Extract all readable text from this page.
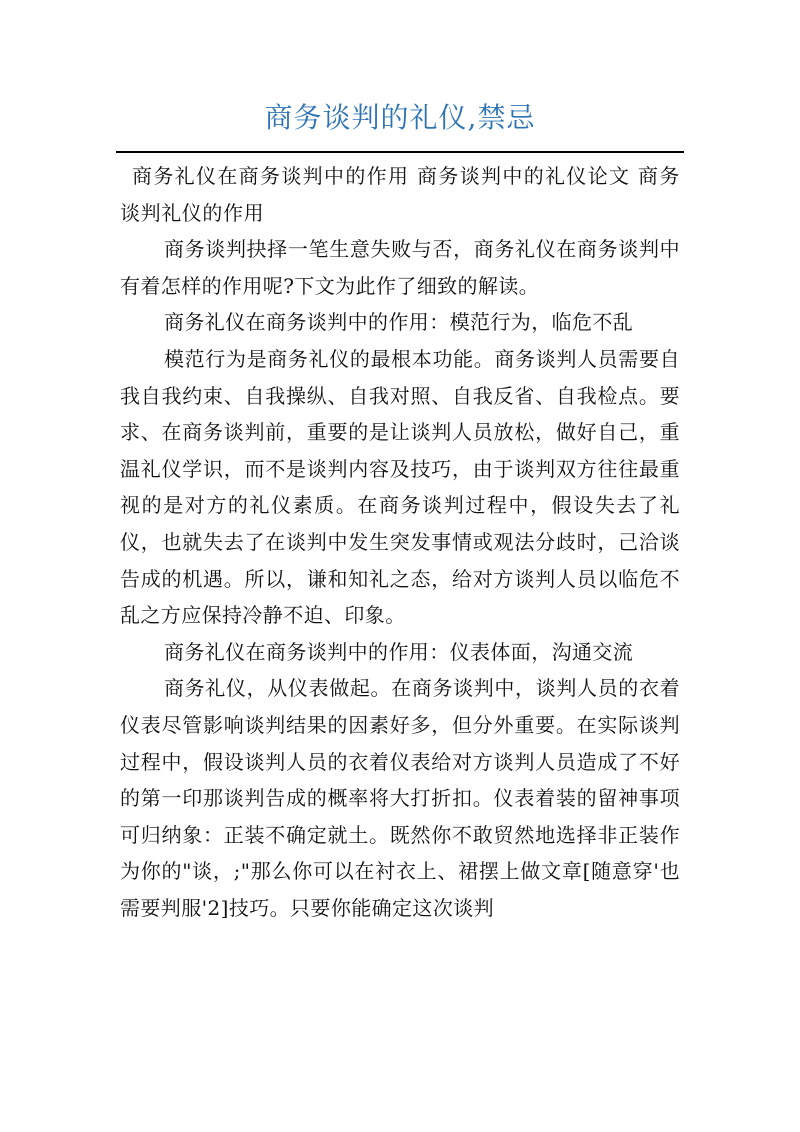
商务谈判的礼仪,禁忌

商务礼仪在商务谈判中的作用 商务谈判中的礼仪论文 商务谈判礼仪的作用

商务谈判抉择一笔生意失败与否，商务礼仪在商务谈判中有着怎样的作用呢?下文为此作了细致的解读。

商务礼仪在商务谈判中的作用：模范行为，临危不乱

模范行为是商务礼仪的最根本功能。商务谈判人员需要自我自我约束、自我操纵、自我对照、自我反省、自我检点。要求、在商务谈判前，重要的是让谈判人员放松，做好自己，重温礼仪学识，而不是谈判内容及技巧，由于谈判双方往往最重视的是对方的礼仪素质。在商务谈判过程中，假设失去了礼仪，也就失去了在谈判中发生突发事情或观法分歧时，己洽谈告成的机遇。所以，谦和知礼之态，给对方谈判人员以临危不乱之方应保持冷静不迫、印象。

商务礼仪在商务谈判中的作用：仪表体面，沟通交流

商务礼仪，从仪表做起。在商务谈判中，谈判人员的衣着仪表尽管影响谈判结果的因素好多，但分外重要。在实际谈判过程中，假设谈判人员的衣着仪表给对方谈判人员造成了不好的第一印那谈判告成的概率将大打折扣。仪表着装的留神事项可归纳象：正装不确定就土。既然你不敢贸然地选择非正装作为你的"谈，;"那么你可以在衬衣上、裙摆上做文章[随意穿'也需要判服'2]技巧。只要你能确定这次谈判
